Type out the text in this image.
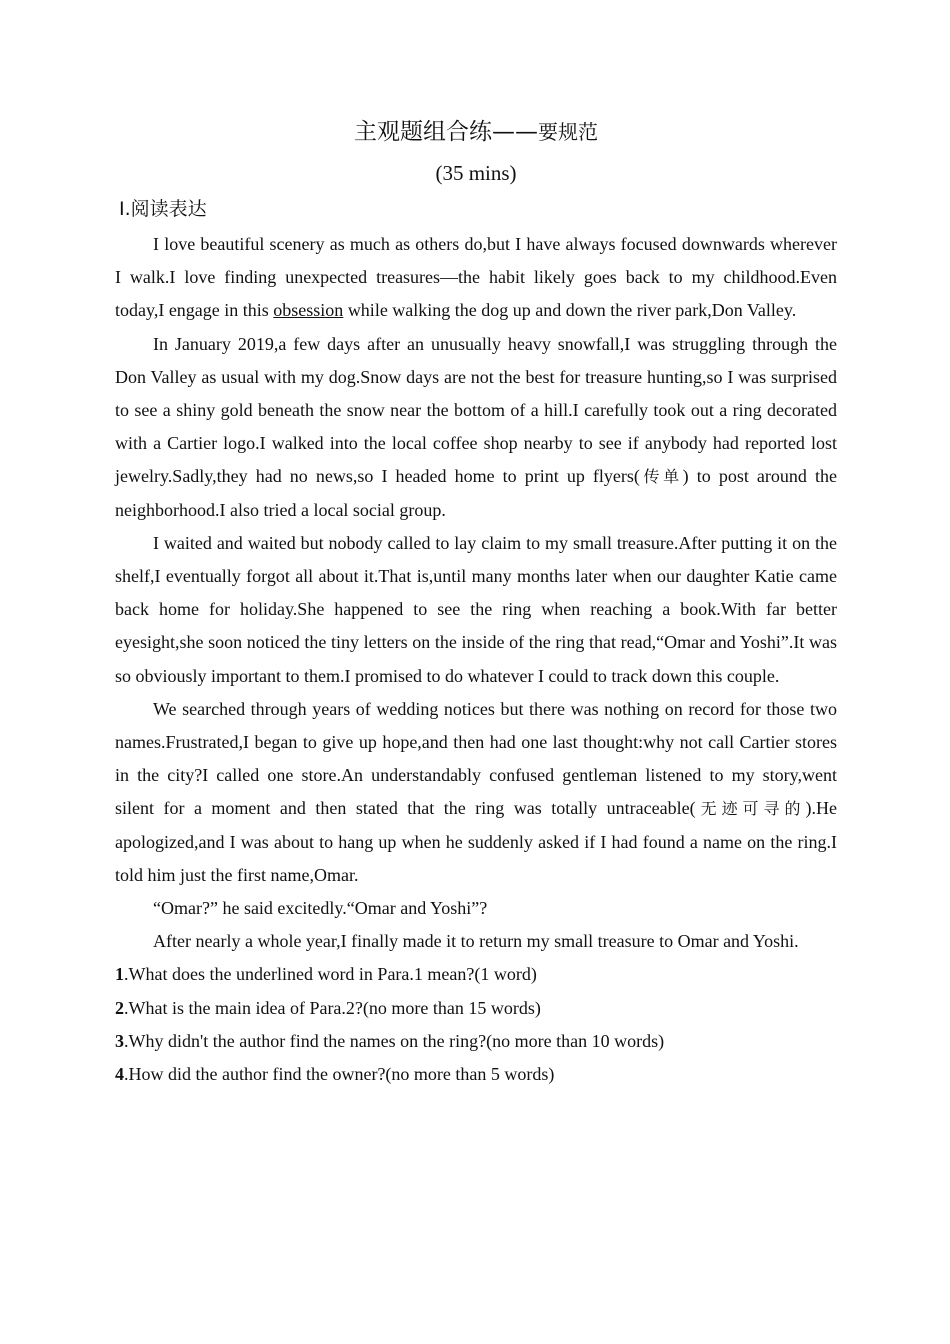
主观题组合练——要规范
(35 mins)
Ⅰ.阅读表达

I love beautiful scenery as much as others do,but I have always focused downwards wherever I walk.I love finding unexpected treasures—the habit likely goes back to my childhood.Even today,I engage in this obsession while walking the dog up and down the river park,Don Valley.

In January 2019,a few days after an unusually heavy snowfall,I was struggling through the Don Valley as usual with my dog.Snow days are not the best for treasure hunting,so I was surprised to see a shiny gold beneath the snow near the bottom of a hill.I carefully took out a ring decorated with a Cartier logo.I walked into the local coffee shop nearby to see if anybody had reported lost jewelry.Sadly,they had no news,so I headed home to print up flyers(传单) to post around the neighborhood.I also tried a local social group.

I waited and waited but nobody called to lay claim to my small treasure.After putting it on the shelf,I eventually forgot all about it.That is,until many months later when our daughter Katie came back home for holiday.She happened to see the ring when reaching a book.With far better eyesight,she soon noticed the tiny letters on the inside of the ring that read,“Omar and Yoshi”.It was so obviously important to them.I promised to do whatever I could to track down this couple.

We searched through years of wedding notices but there was nothing on record for those two names.Frustrated,I began to give up hope,and then had one last thought:why not call Cartier stores in the city?I called one store.An understandably confused gentleman listened to my story,went silent for a moment and then stated that the ring was totally untraceable(无迹可寻的).He apologized,and I was about to hang up when he suddenly asked if I had found a name on the ring.I told him just the first name,Omar.

“Omar?” he said excitedly.“Omar and Yoshi”?

After nearly a whole year,I finally made it to return my small treasure to Omar and Yoshi.

1.What does the underlined word in Para.1 mean?(1 word)

2.What is the main idea of Para.2?(no more than 15 words)

3.Why didn't the author find the names on the ring?(no more than 10 words)

4.How did the author find the owner?(no more than 5 words)
